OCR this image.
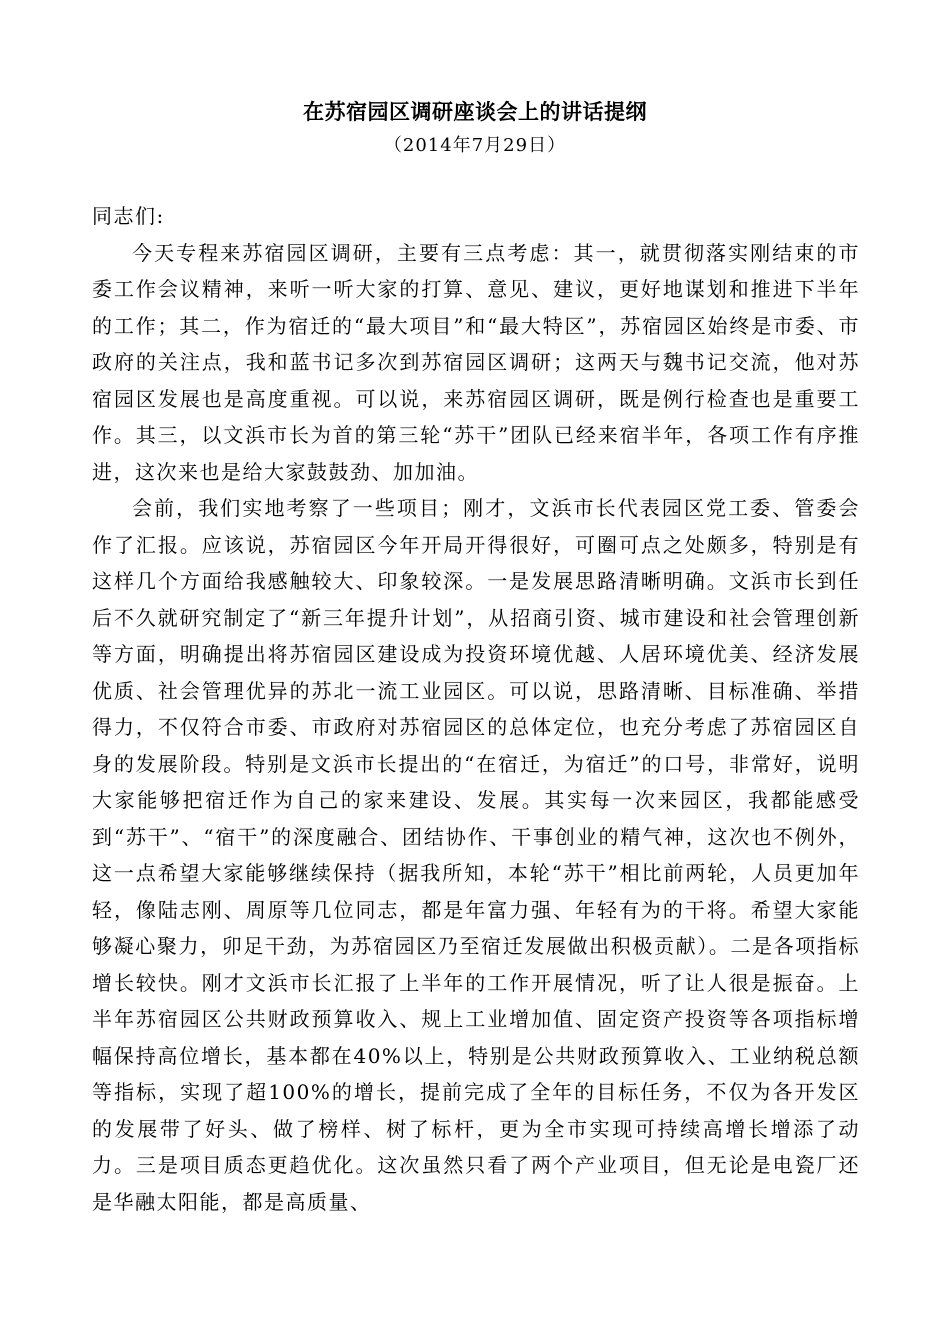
在苏宿园区调研座谈会上的讲话提纲
（2014年7月29日）

同志们:

今天专程来苏宿园区调研，主要有三点考虑：其一，就贯彻落实刚结束的市委工作会议精神，来听一听大家的打算、意见、建议，更好地谋划和推进下半年的工作；其二，作为宿迁的“最大项目”和“最大特区”，苏宿园区始终是市委、市政府的关注点，我和蓝书记多次到苏宿园区调研；这两天与魏书记交流，他对苏宿园区发展也是高度重视。可以说，来苏宿园区调研，既是例行检查也是重要工作。其三，以文浜市长为首的第三轮“苏干”团队已经来宿半年，各项工作有序推进，这次来也是给大家鼓鼓劲、加加油。

会前，我们实地考察了一些项目；刚才，文浜市长代表园区党工委、管委会作了汇报。应该说，苏宿园区今年开局开得很好，可圈可点之处颇多，特别是有这样几个方面给我感触较大、印象较深。一是发展思路清晰明确。文浜市长到任后不久就研究制定了“新三年提升计划”，从招商引资、城市建设和社会管理创新等方面，明确提出将苏宿园区建设成为投资环境优越、人居环境优美、经济发展优质、社会管理优异的苏北一流工业园区。可以说，思路清晰、目标准确、举措得力，不仅符合市委、市政府对苏宿园区的总体定位，也充分考虑了苏宿园区自身的发展阶段。特别是文浜市长提出的“在宿迁，为宿迁”的口号，非常好，说明大家能够把宿迁作为自己的家来建设、发展。其实每一次来园区，我都能感受到“苏干”、“宿干”的深度融合、团结协作、干事创业的精气神，这次也不例外，这一点希望大家能够继续保持（据我所知，本轮“苏干”相比前两轮，人员更加年轻，像陆志刚、周原等几位同志，都是年富力强、年轻有为的干将。希望大家能够凝心聚力，卯足干劲，为苏宿园区乃至宿迁发展做出积极贡献）。二是各项指标增长较快。刚才文浜市长汇报了上半年的工作开展情况，听了让人很是振奋。上半年苏宿园区公共财政预算收入、规上工业增加值、固定资产投资等各项指标增幅保持高位增长，基本都在40%以上，特别是公共财政预算收入、工业纳税总额等指标，实现了超100%的增长，提前完成了全年的目标任务，不仅为各开发区的发展带了好头、做了榜样、树了标杆，更为全市实现可持续高增长增添了动力。三是项目质态更趋优化。这次虽然只看了两个产业项目，但无论是电瓷厂还是华融太阳能，都是高质量、
